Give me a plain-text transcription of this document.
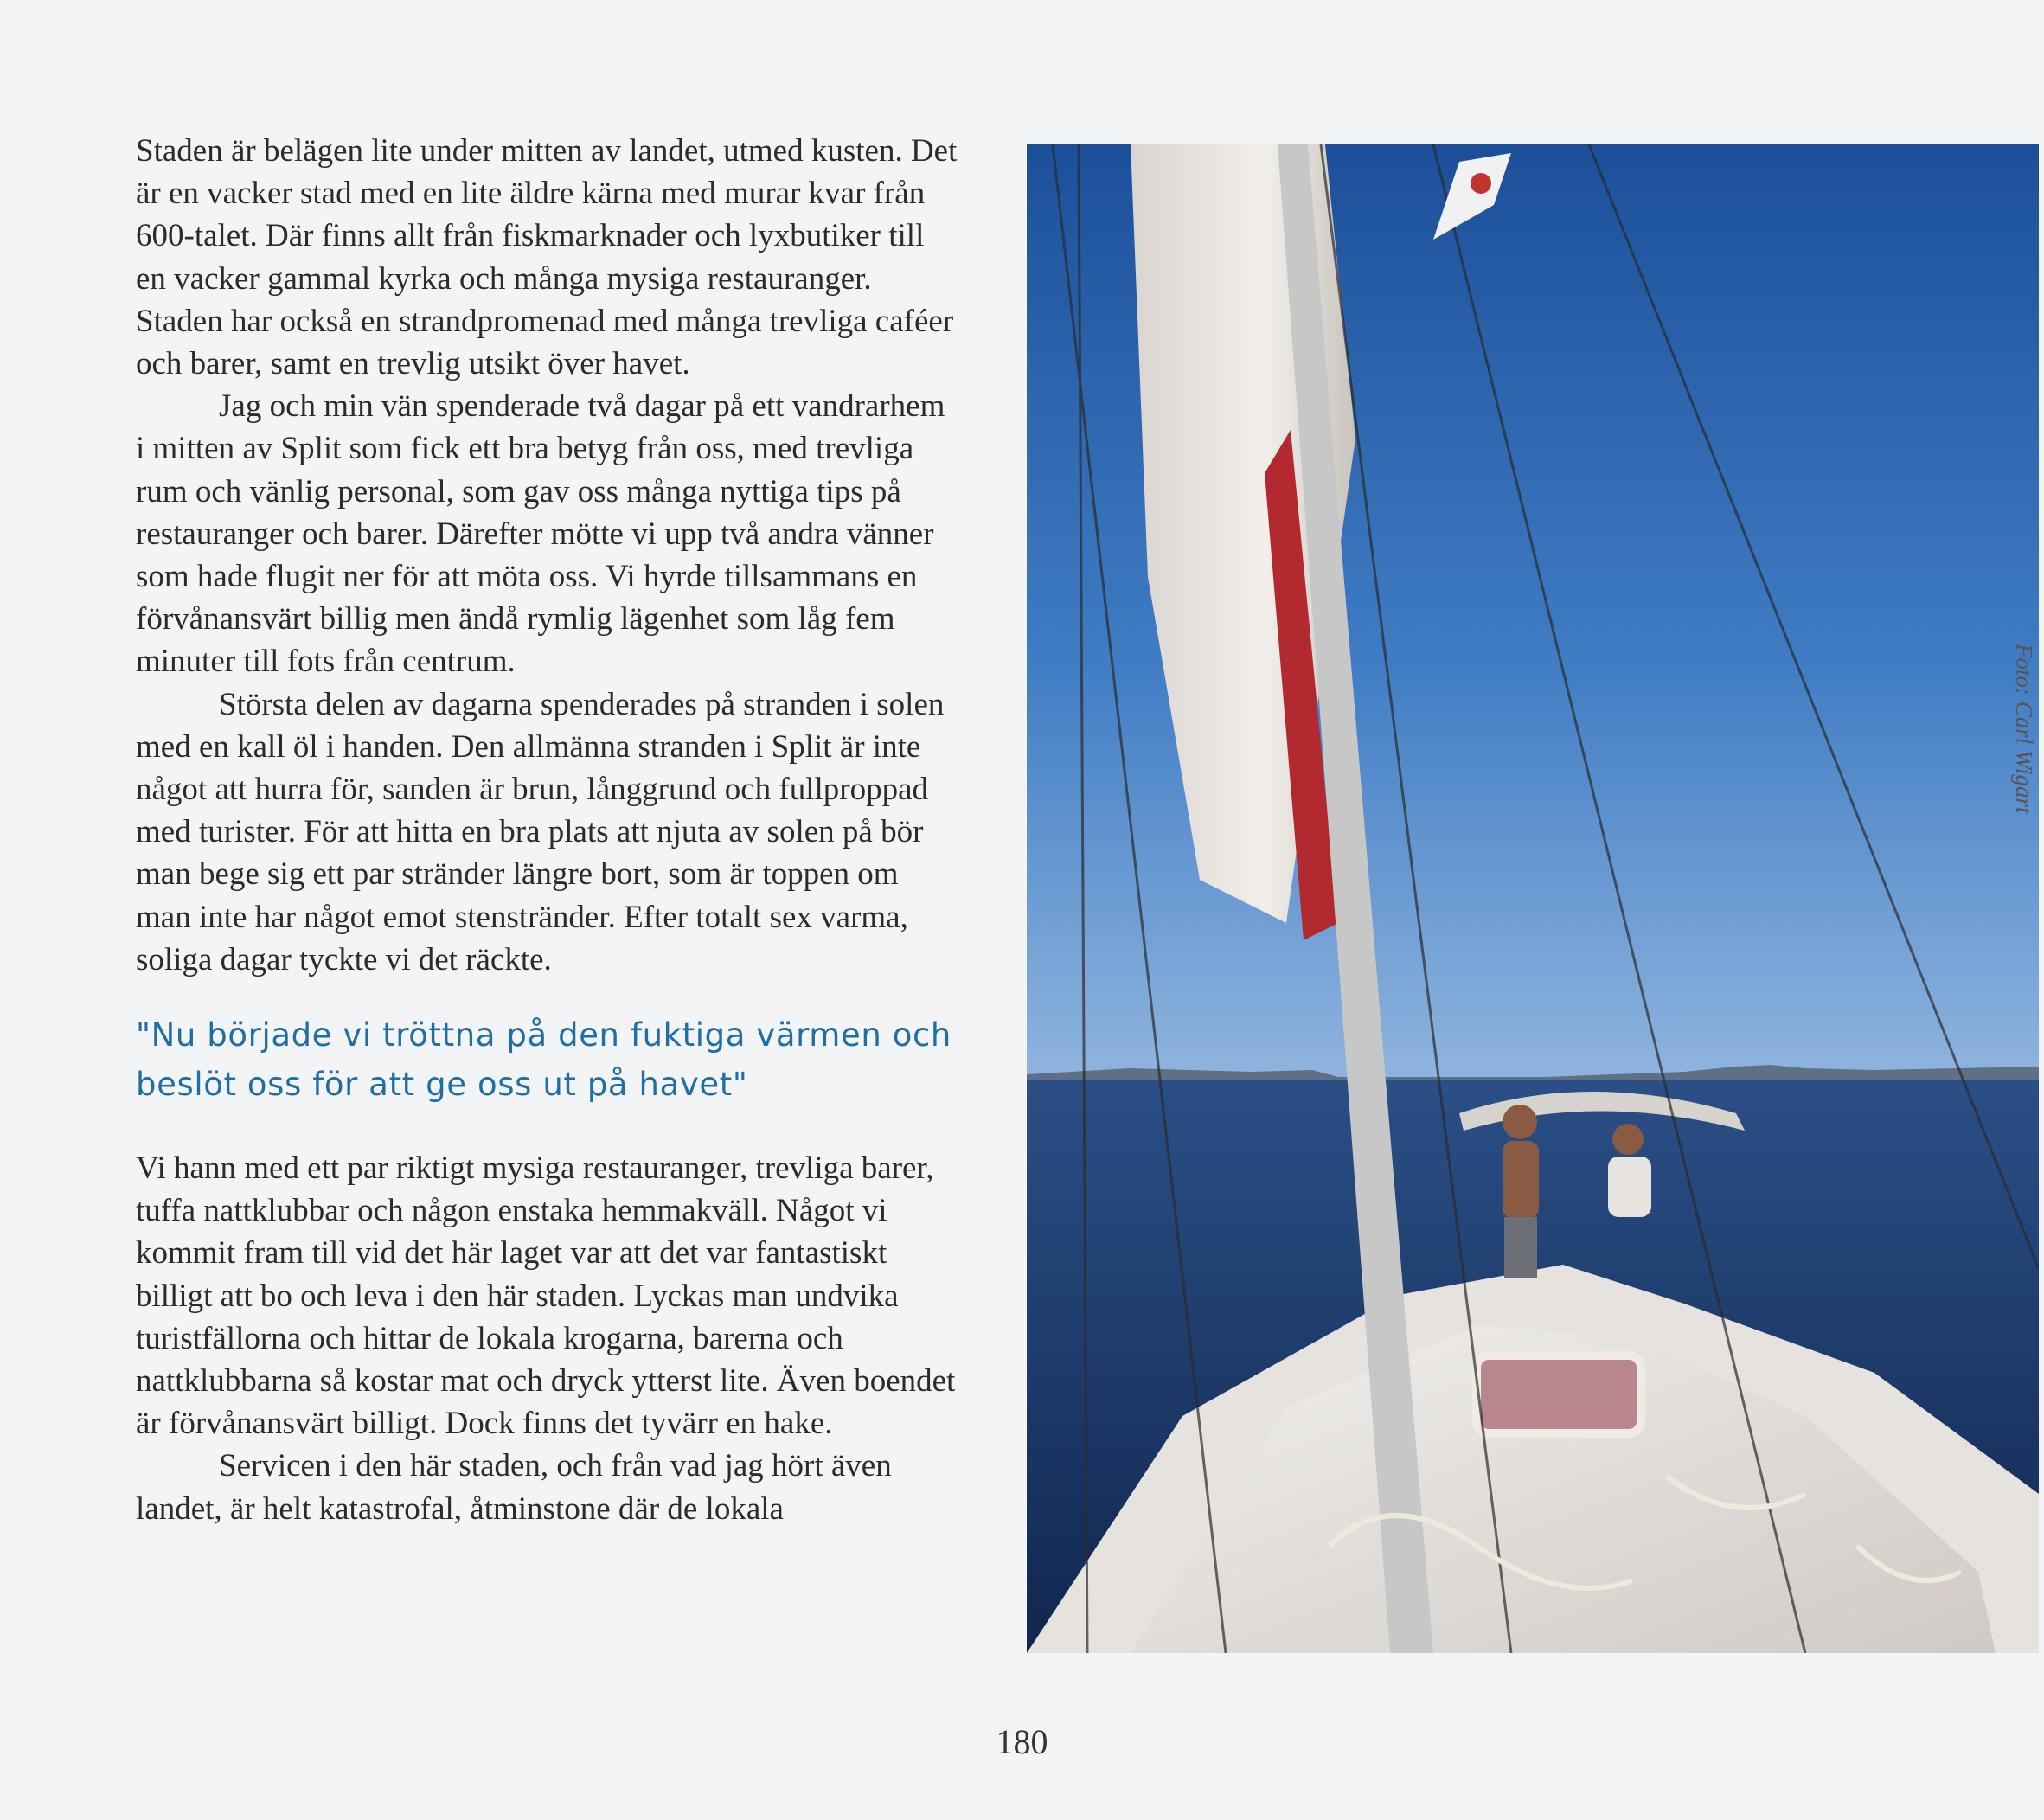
Staden är belägen lite under mitten av landet, utmed kusten. Det är en vacker stad med en lite äldre kärna med murar kvar från 600-talet. Där finns allt från fiskmarknader och lyxbutiker till en vacker gammal kyrka och många mysiga restauranger. Staden har också en strandpromenad med många trevliga caféer och barer, samt en trevlig utsikt över havet.

Jag och min vän spenderade två dagar på ett vandrarhem i mitten av Split som fick ett bra betyg från oss, med trevliga rum och vänlig personal, som gav oss många nyttiga tips på restauranger och barer. Därefter mötte vi upp två andra vänner som hade flugit ner för att möta oss. Vi hyrde tillsammans en förvånansvärt billig men ändå rymlig lägenhet som låg fem minuter till fots från centrum.

Största delen av dagarna spenderades på stranden i solen med en kall öl i handen. Den allmänna stranden i Split är inte något att hurra för, sanden är brun, långgrund och fullproppad med turister. För att hitta en bra plats att njuta av solen på bör man bege sig ett par stränder längre bort, som är toppen om man inte har något emot stenstränder. Efter totalt sex varma, soliga dagar tyckte vi det räckte.

"Nu började vi tröttna på den fuktiga värmen och beslöt oss för att ge oss ut på havet"

Vi hann med ett par riktigt mysiga restauranger, trevliga barer, tuffa nattklubbar och någon enstaka hemmakväll. Något vi kommit fram till vid det här laget var att det var fantastiskt billigt att bo och leva i den här staden. Lyckas man undvika turistfällorna och hittar de lokala krogarna, barerna och nattklubbarna så kostar mat och dryck ytterst lite. Även boendet är förvånansvärt billigt. Dock finns det tyvärr en hake.

Servicen i den här staden, och från vad jag hört även landet, är helt katastrofal, åtminstone där de lokala

Foto: Carl Wigart
180
